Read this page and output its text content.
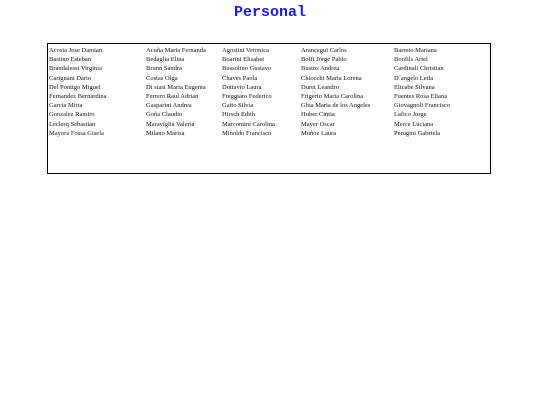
Personal
Acosta Jose Damian	Acuña Maria Fernanda	Agostini Veronica	Arancegui Carlos	Barreto Mariana
Bastino Esteban	Bedaglia Elina	Boarini Elisabet	Boffi Jorge Pablo	Bonfils Ariel
Brandalessi Virginia	Bruno Sandra	Bussolino Gustavo	Bustos Andrea	Cardinali Christian
Carignani Dario	Costas Olga	Chaves Paola	Chiocchi Maria Lorena	D´angelo Leila
Del Pontigo Miguel	Di stasi Maria Eugenia	Dottavio Laura	Duret Leandro	Elicabe Silvana
Fernandez Bernardina	Ferrero Raul Adrian	Freggiaro Federico	Frigerio Maria Carolina	Fuentes Rosa Eliana
Garcia Mirta	Gasparini Andrea	Gatto Silvia	Ghia Maria de los Angeles	Giovagnoli Francisco
Gonzalez Ramiro	Goña Claudio	Hirsch Edith	Huber Cintia	Lafico Jorge
Leclerq Sebastian	Maraviglia Valeria	Marcomini Carolina	Mayer Oscar	Merce Luciana
Mayora Fossa Gisela	Milano Marisa	Minoldo Francisco	Muñoz Laura	Perugini Gabriela
